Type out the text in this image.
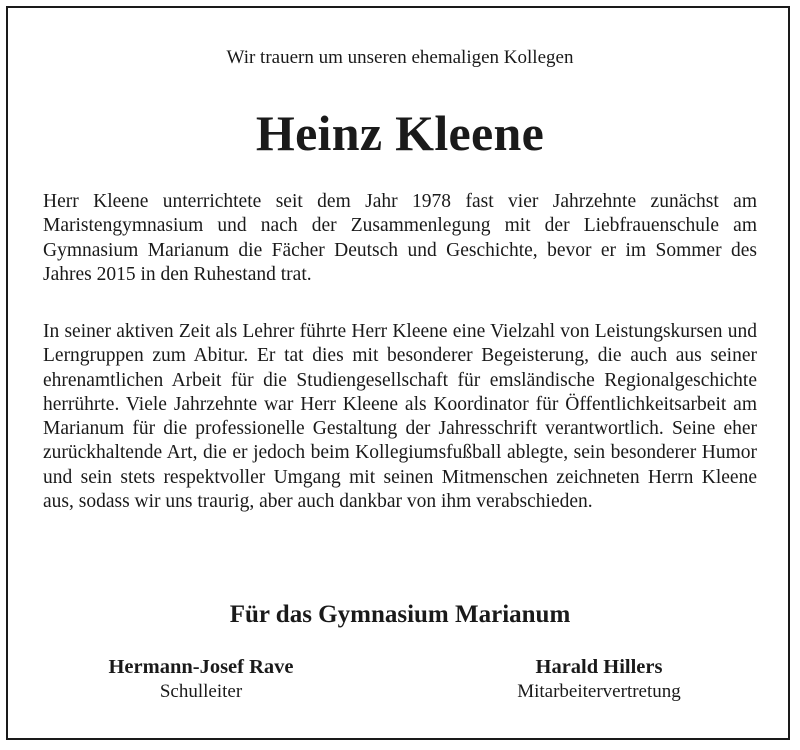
Wir trauern um unseren ehemaligen Kollegen
Heinz Kleene

Herr Kleene unterrichtete seit dem Jahr 1978 fast vier Jahrzehnte zunächst am Maristengymnasium und nach der Zusammenlegung mit der Liebfrauenschule am Gymnasium Marianum die Fächer Deutsch und Geschichte, bevor er im Sommer des Jahres 2015 in den Ruhestand trat.

In seiner aktiven Zeit als Lehrer führte Herr Kleene eine Vielzahl von Leistungskursen und Lerngruppen zum Abitur. Er tat dies mit besonderer Begeisterung, die auch aus seiner ehrenamtlichen Arbeit für die Studiengesellschaft für emsländische Regionalgeschichte herrührte. Viele Jahrzehnte war Herr Kleene als Koordinator für Öffentlichkeitsarbeit am Marianum für die professionelle Gestaltung der Jahresschrift verantwortlich. Seine eher zurückhaltende Art, die er jedoch beim Kollegiumsfußball ablegte, sein besonderer Humor und sein stets respektvoller Umgang mit seinen Mitmenschen zeichneten Herrn Kleene aus, sodass wir uns traurig, aber auch dankbar von ihm verabschieden.

Für das Gymnasium Marianum
Hermann-Josef Rave
Schulleiter
Harald Hillers
Mitarbeitervertretung
